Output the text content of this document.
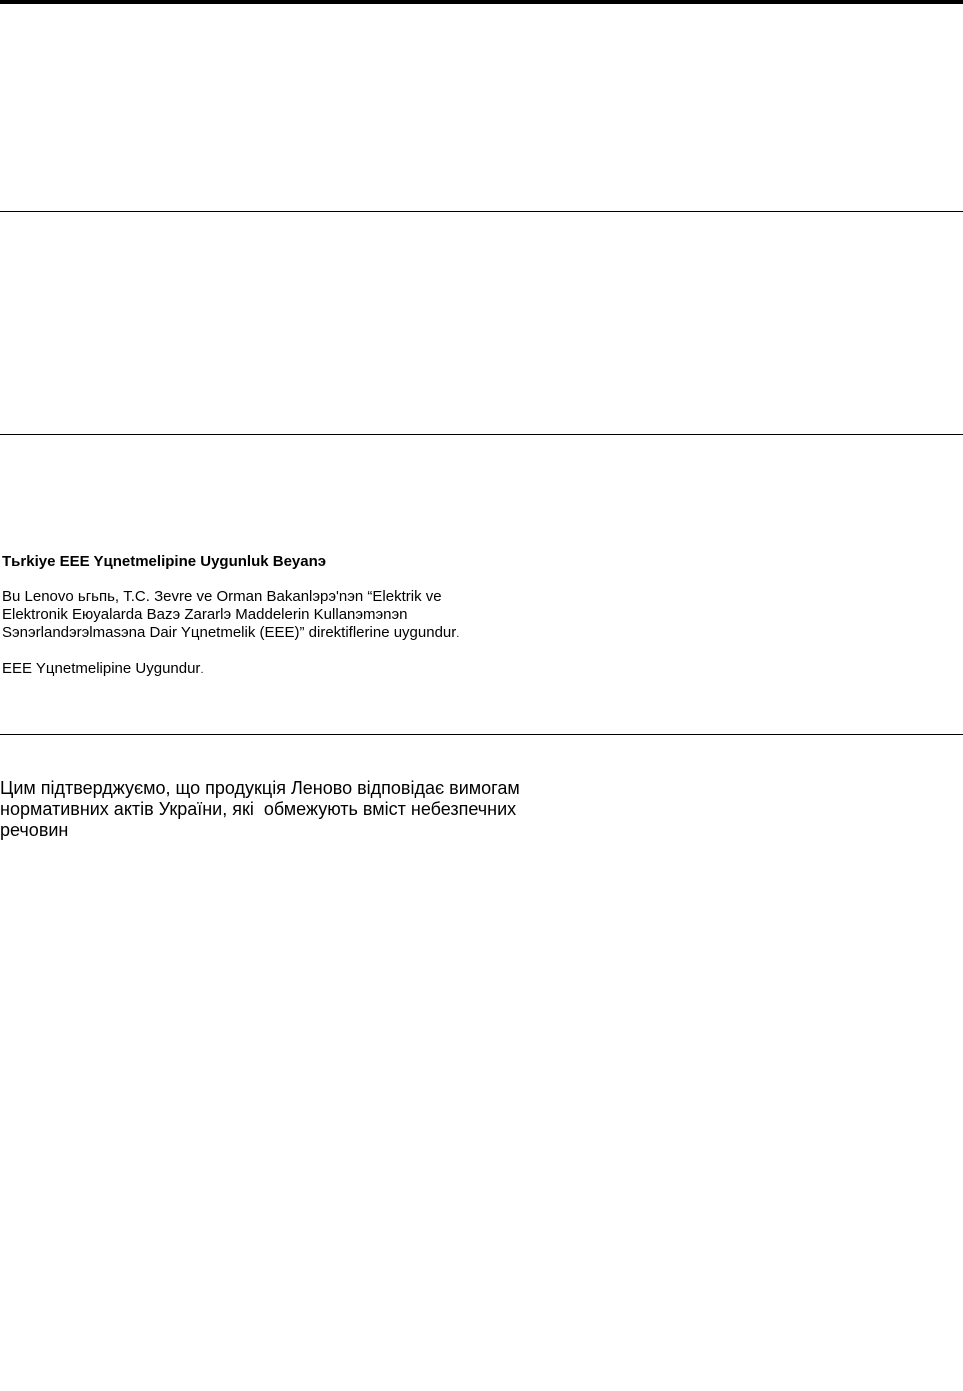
Tьrkiye EEE Yцnetmelipine Uygunluk Beyanэ
Bu Lenovo ьгьпь, T.C. Зevre ve Orman Bakanlэрэ'nэn “Elektrik ve
Elektronik Eюyalarda Bazэ Zararlэ Maddelerin Kullanэmэnэn
Sэnэrlandэrэlmasэna Dair Yцnetmelik (EEE)” direktiflerine uygundur.
EEE Yцnetmelipine Uygundur.
Цим підтверджуємо, що продукція Леново відповідає вимогам
нормативних актів України, які  обмежують вміст небезпечних
речовин
